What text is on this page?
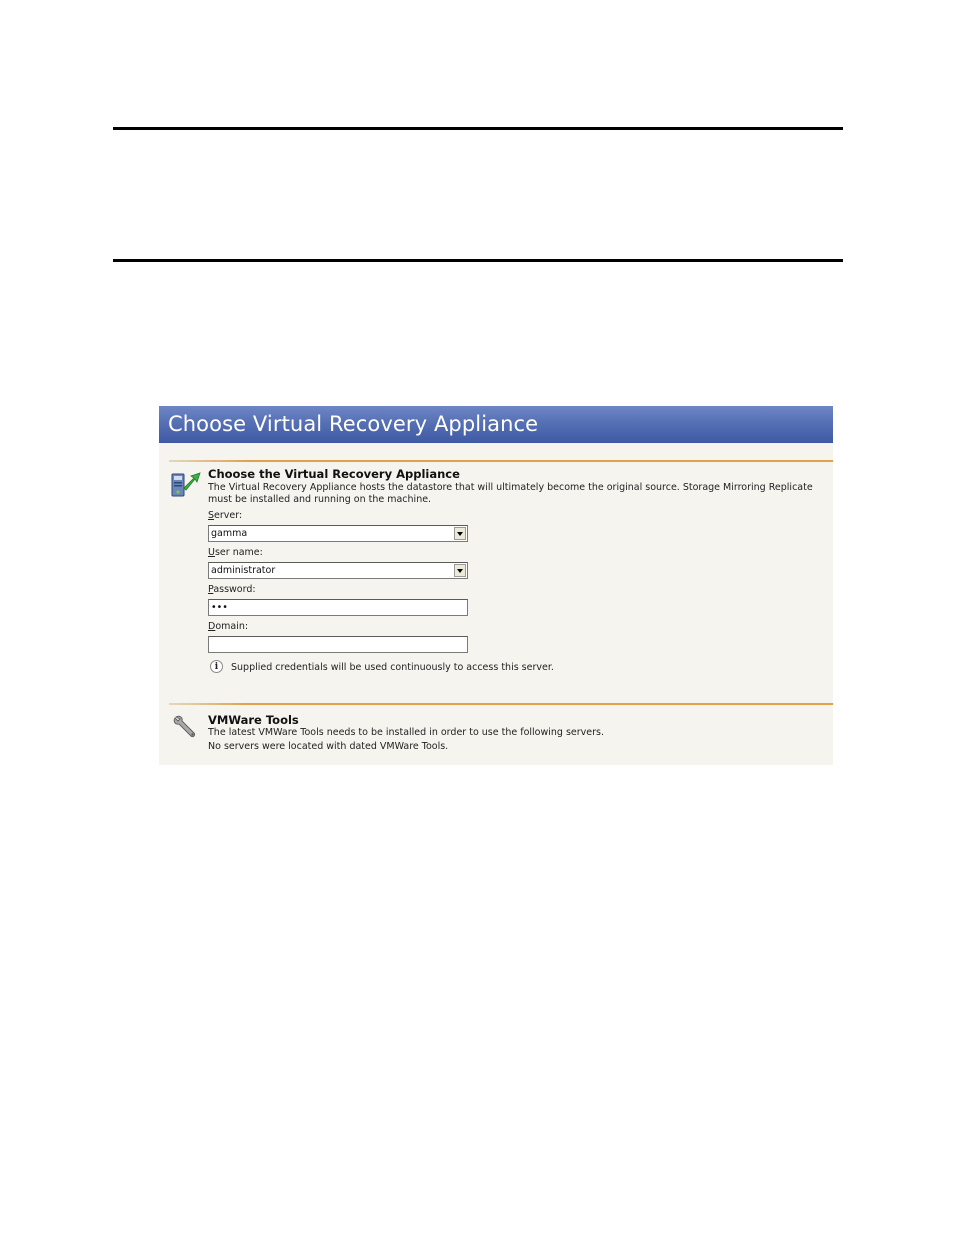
Choose Virtual Recovery Appliance
Choose the Virtual Recovery Appliance
The Virtual Recovery Appliance hosts the datastore that will ultimately become the original source. Storage Mirroring Replicate must be installed and running on the machine.
Server:
gamma
User name:
administrator
Password:
•••
Domain:
i	Supplied credentials will be used continuously to access this server.
VMWare Tools
The latest VMWare Tools needs to be installed in order to use the following servers.
No servers were located with dated VMWare Tools.
